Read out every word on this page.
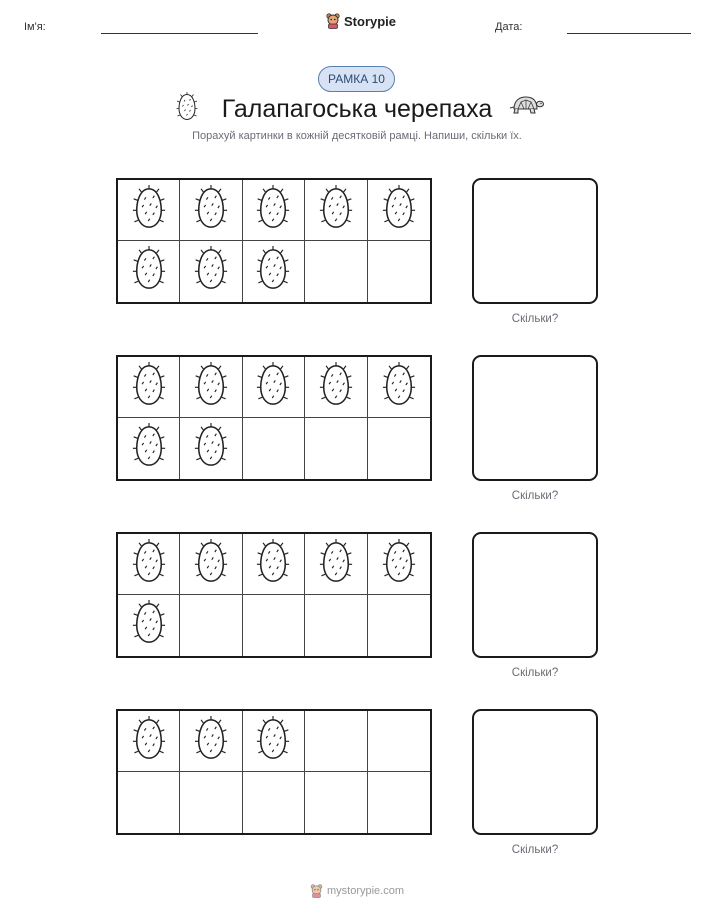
Ім'я:	Storypie	Дата:
РАМКА 10
Галапагоська черепаха
Порахуй картинки в кожній десятковій рамці. Напиши, скільки їх.
Скільки?
Скільки?
Скільки?
Скільки?
mystorypie.com
